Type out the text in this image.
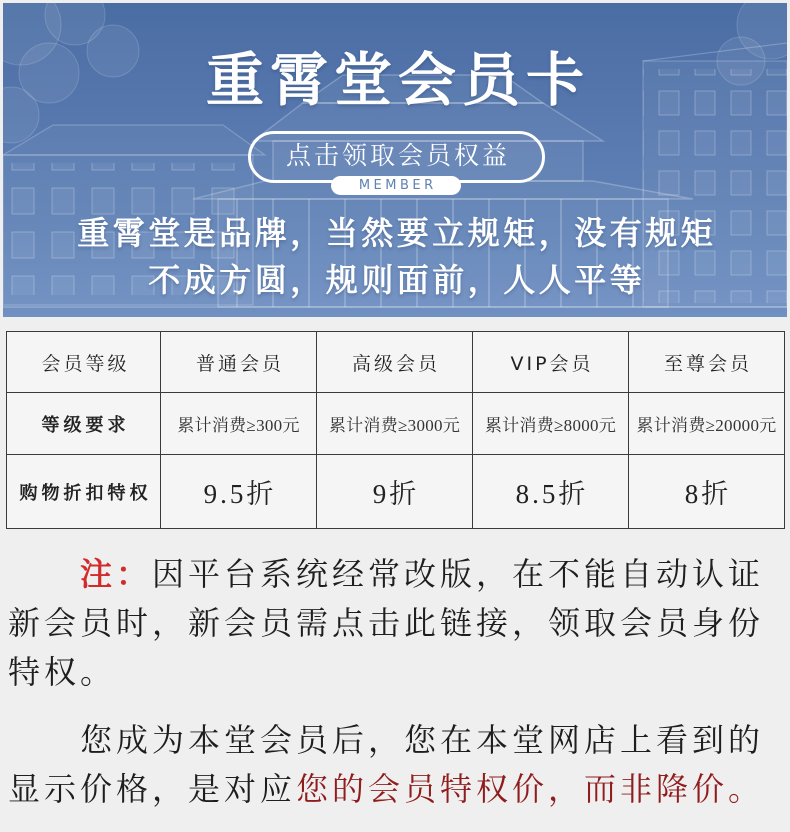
重霄堂会员卡
点击领取会员权益
MEMBER
重霄堂是品牌，当然要立规矩，没有规矩
不成方圆，规则面前，人人平等
会员等级	普通会员	高级会员	VIP会员	至尊会员
等级要求	累计消费≥300元	累计消费≥3000元	累计消费≥8000元	累计消费≥20000元
购物折扣特权	9.5折	9折	8.5折	8折

注：因平台系统经常改版，在不能自动认证
新会员时，新会员需点击此链接，领取会员身份
特权。

您成为本堂会员后，您在本堂网店上看到的
显示价格，是对应您的会员特权价，而非降价。
